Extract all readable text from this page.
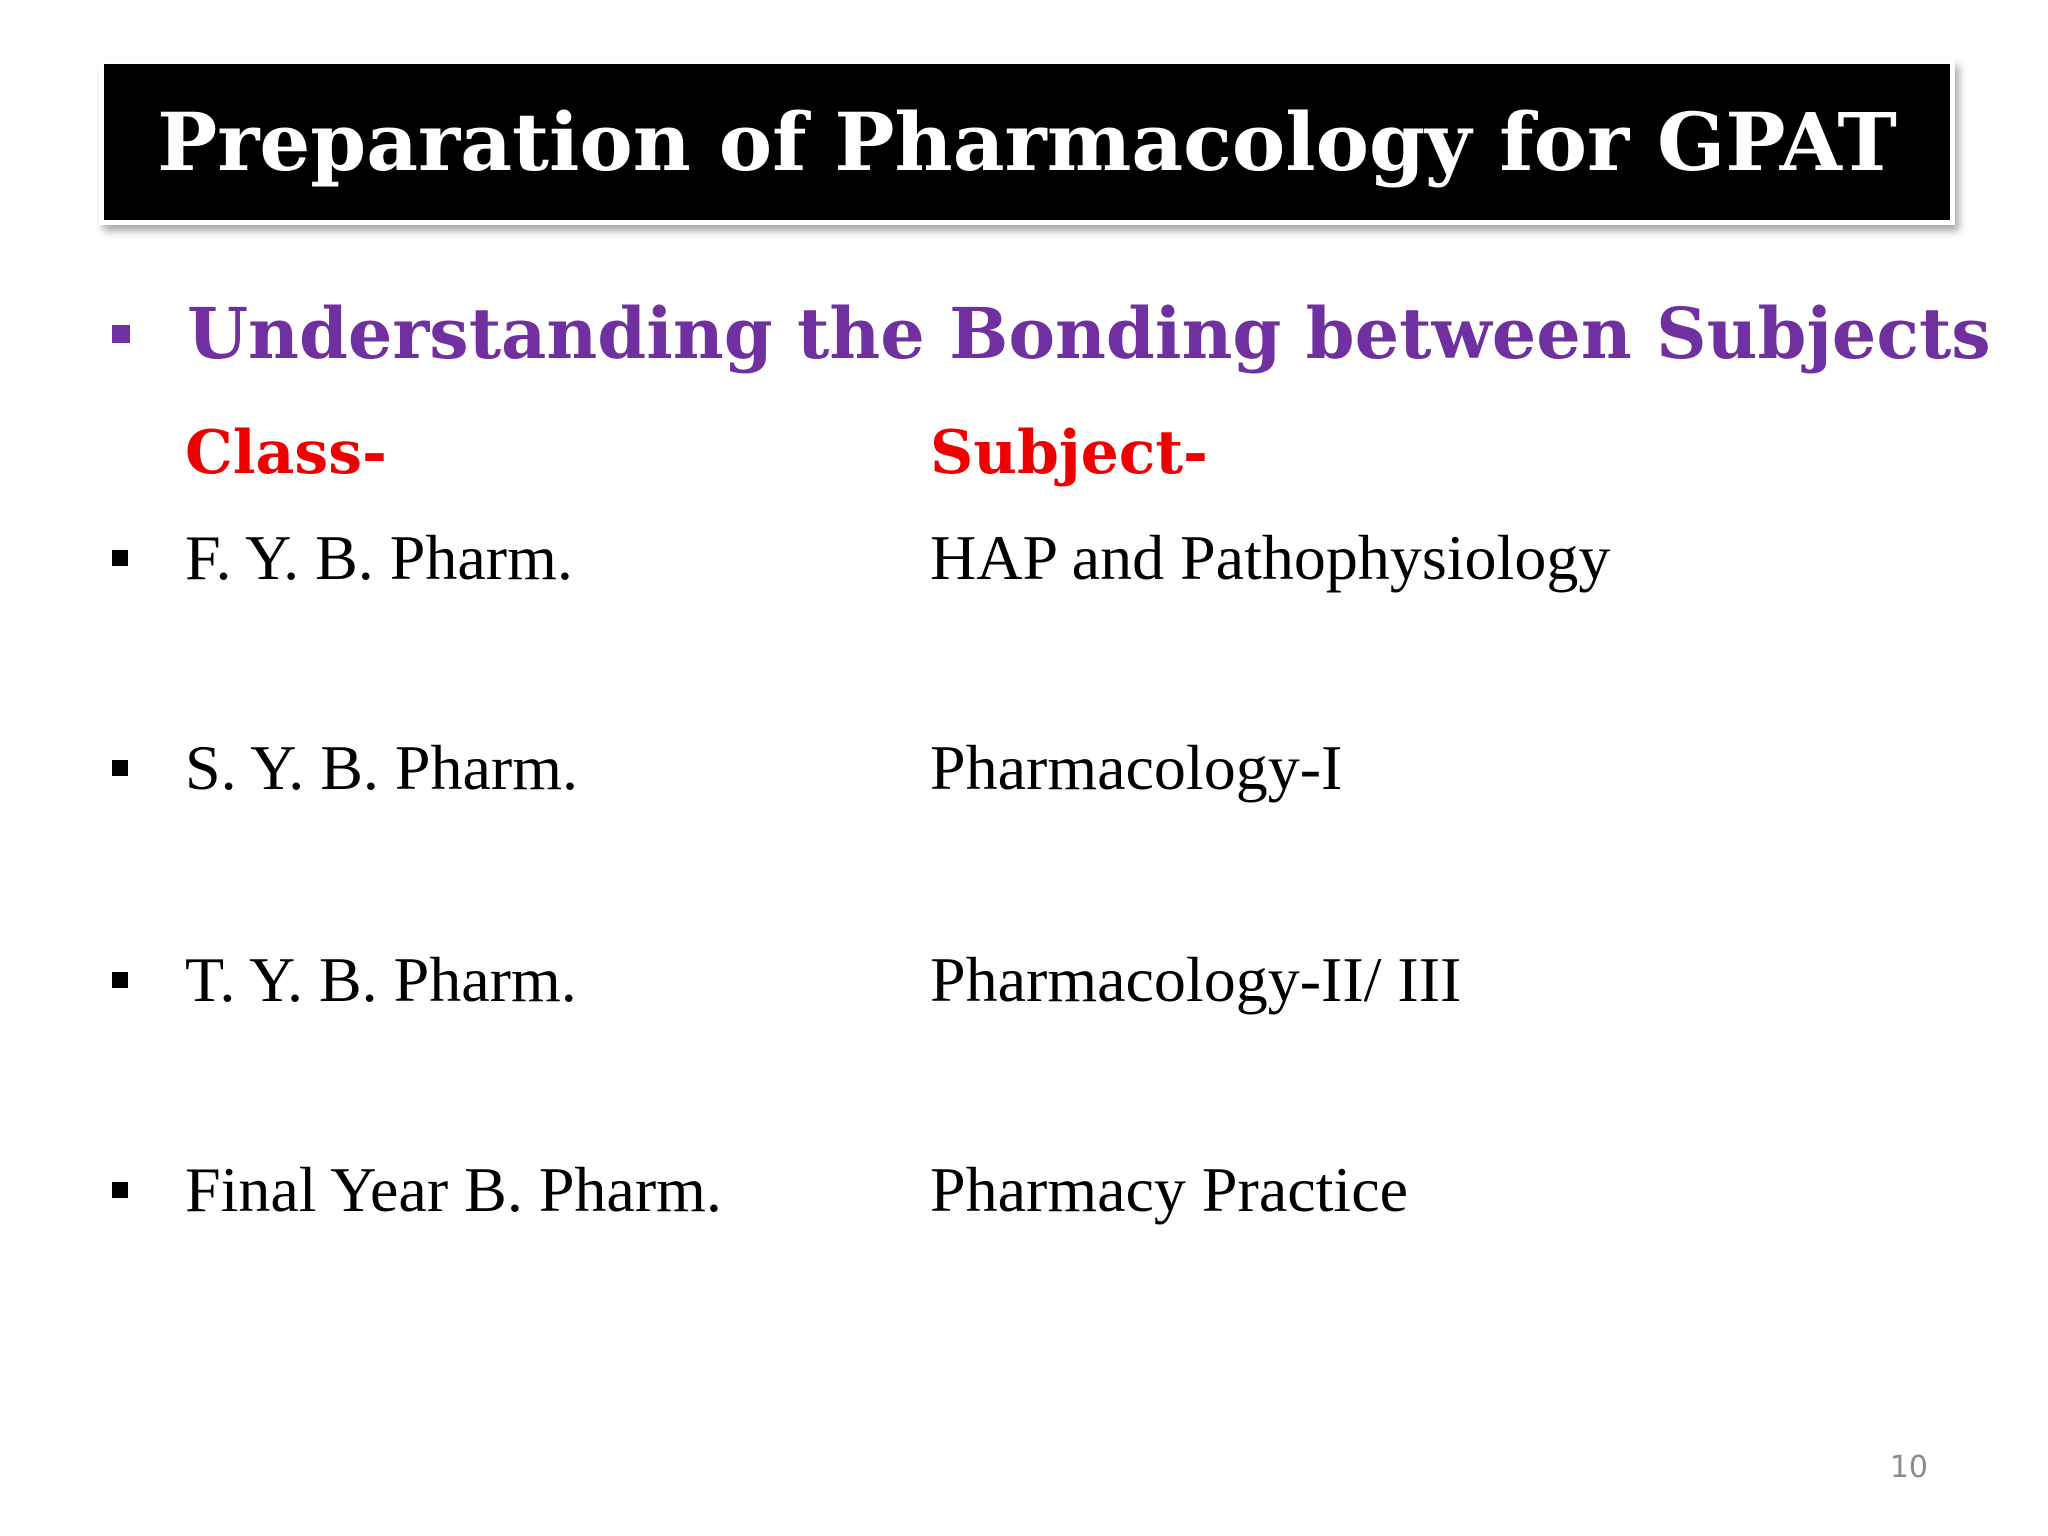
Preparation of Pharmacology for GPAT
Understanding the Bonding between Subjects
Class-	Subject-
F. Y. B. Pharm.	HAP and Pathophysiology
S. Y. B. Pharm.	Pharmacology-I
T. Y. B. Pharm.	Pharmacology-II/ III
Final Year B. Pharm.	Pharmacy Practice
10
